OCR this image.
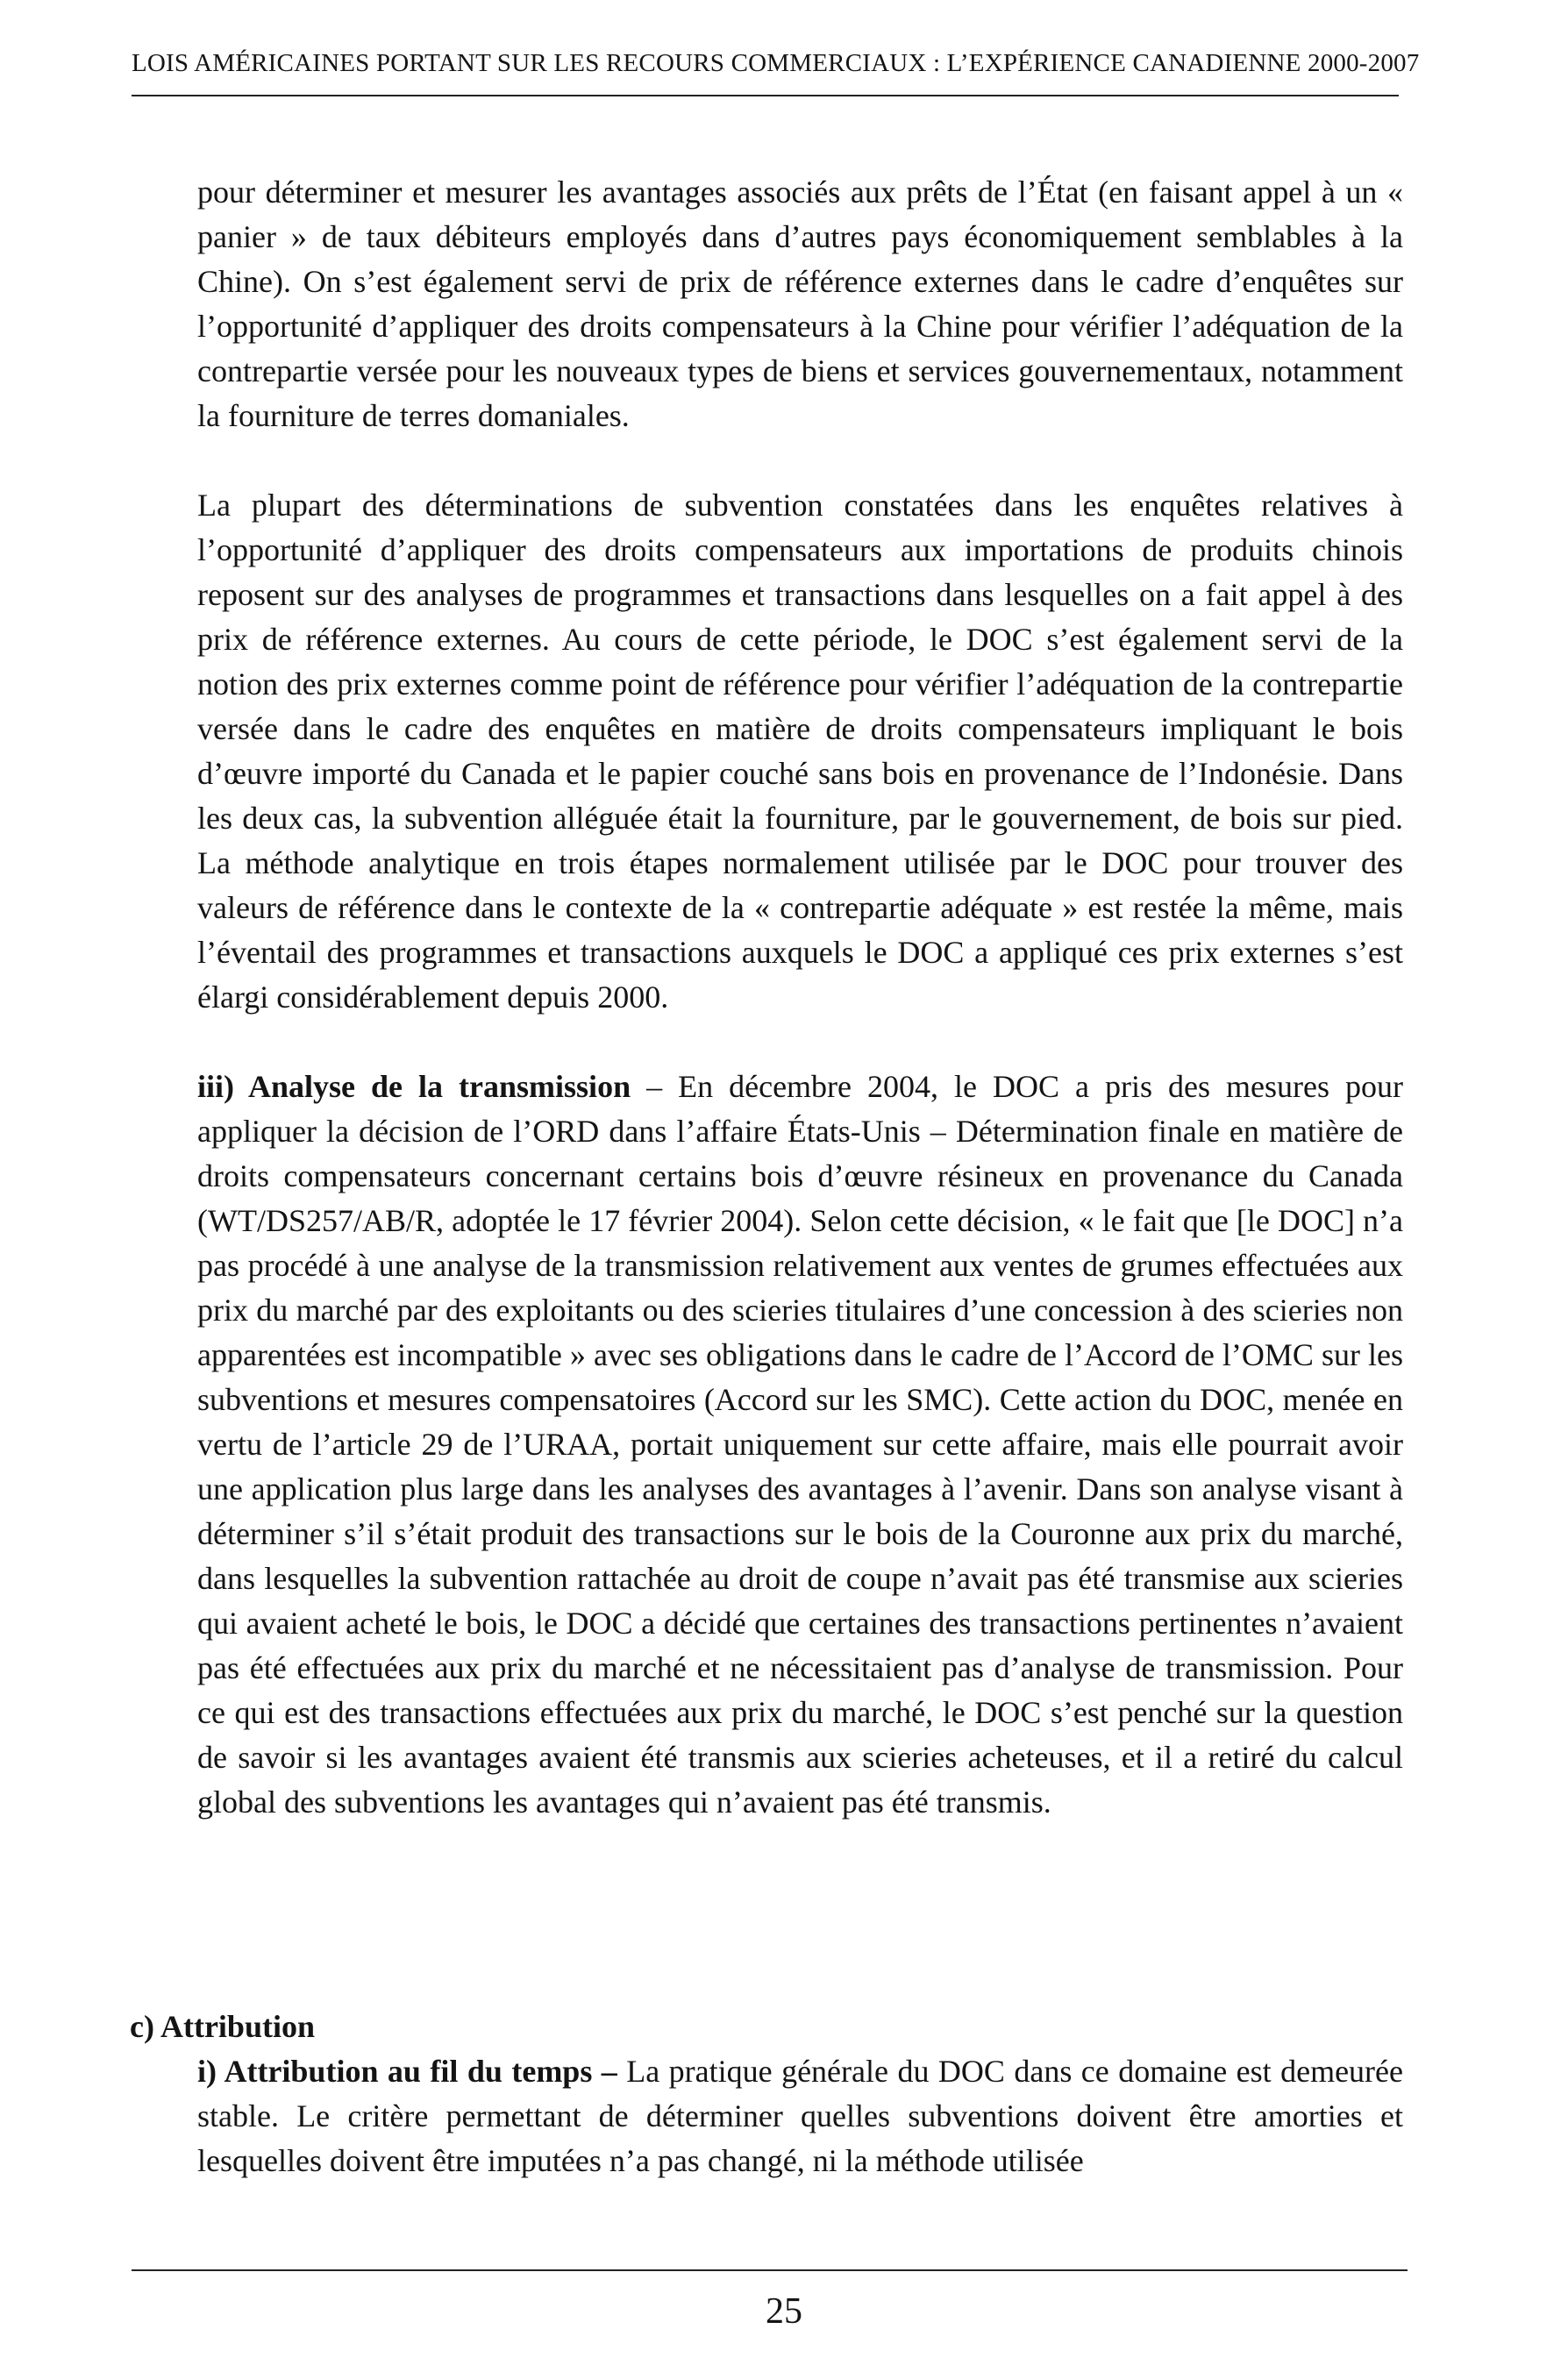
LOIS AMÉRICAINES PORTANT SUR LES RECOURS COMMERCIAUX : L’EXPÉRIENCE CANADIENNE 2000-2007

pour déterminer et mesurer les avantages associés aux prêts de l’État (en faisant appel à un « panier » de taux débiteurs employés dans d’autres pays économiquement semblables à la Chine). On s’est également servi de prix de référence externes dans le cadre d’enquêtes sur l’opportunité d’appliquer des droits compensateurs à la Chine pour vérifier l’adéquation de la contrepartie versée pour les nouveaux types de biens et services gouvernementaux, notamment la fourniture de terres domaniales.

La plupart des déterminations de subvention constatées dans les enquêtes relatives à l’opportunité d’appliquer des droits compensateurs aux importations de produits chinois reposent sur des analyses de programmes et transactions dans lesquelles on a fait appel à des prix de référence externes. Au cours de cette période, le DOC s’est également servi de la notion des prix externes comme point de référence pour vérifier l’adéquation de la contrepartie versée dans le cadre des enquêtes en matière de droits compensateurs impliquant le bois d’œuvre importé du Canada et le papier couché sans bois en provenance de l’Indonésie. Dans les deux cas, la subvention alléguée était la fourniture, par le gouvernement, de bois sur pied. La méthode analytique en trois étapes normalement utilisée par le DOC pour trouver des valeurs de référence dans le contexte de la « contrepartie adéquate » est restée la même, mais l’éventail des programmes et transactions auxquels le DOC a appliqué ces prix externes s’est élargi considérablement depuis 2000.

iii) Analyse de la transmission – En décembre 2004, le DOC a pris des mesures pour appliquer la décision de l’ORD dans l’affaire États-Unis – Détermination finale en matière de droits compensateurs concernant certains bois d’œuvre résineux en provenance du Canada (WT/DS257/AB/R, adoptée le 17 février 2004). Selon cette décision, « le fait que [le DOC] n’a pas procédé à une analyse de la transmission relativement aux ventes de grumes effectuées aux prix du marché par des exploitants ou des scieries titulaires d’une concession à des scieries non apparentées est incompatible » avec ses obligations dans le cadre de l’Accord de l’OMC sur les subventions et mesures compensatoires (Accord sur les SMC). Cette action du DOC, menée en vertu de l’article 29 de l’URAA, portait uniquement sur cette affaire, mais elle pourrait avoir une application plus large dans les analyses des avantages à l’avenir. Dans son analyse visant à déterminer s’il s’était produit des transactions sur le bois de la Couronne aux prix du marché, dans lesquelles la subvention rattachée au droit de coupe n’avait pas été transmise aux scieries qui avaient acheté le bois, le DOC a décidé que certaines des transactions pertinentes n’avaient pas été effectuées aux prix du marché et ne nécessitaient pas d’analyse de transmission. Pour ce qui est des transactions effectuées aux prix du marché, le DOC s’est penché sur la question de savoir si les avantages avaient été transmis aux scieries acheteuses, et il a retiré du calcul global des subventions les avantages qui n’avaient pas été transmis.

c) Attribution
i) Attribution au fil du temps – La pratique générale du DOC dans ce domaine est demeurée stable. Le critère permettant de déterminer quelles subventions doivent être amorties et lesquelles doivent être imputées n’a pas changé, ni la méthode utilisée
25
